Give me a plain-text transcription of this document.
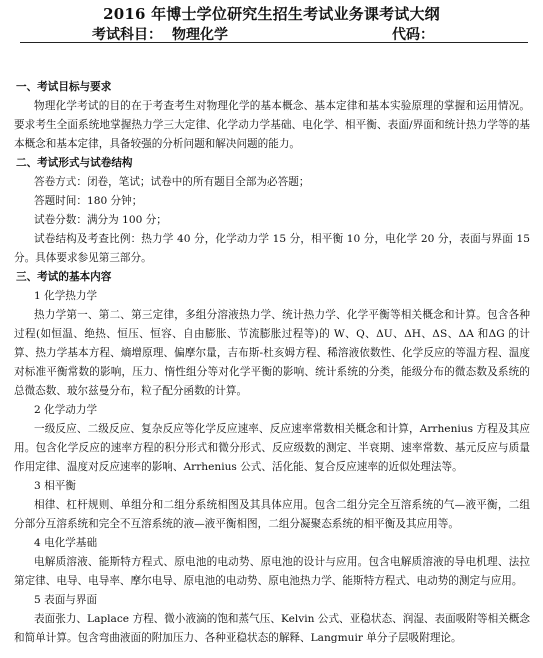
2016 年博士学位研究生招生考试业务课考试大纲
考试科目： 物理化学	代码：

一、考试目标与要求

物理化学考试的目的在于考查考生对物理化学的基本概念、基本定律和基本实验原理的掌握和运用情况。要求考生全面系统地掌握热力学三大定律、化学动力学基础、电化学、相平衡、表面/界面和统计热力学等的基本概念和基本定律，具备较强的分析问题和解决问题的能力。

二、考试形式与试卷结构

答卷方式：闭卷，笔试；试卷中的所有题目全部为必答题；

答题时间：180 分钟；

试卷分数：满分为 100 分；

试卷结构及考查比例：热力学 40 分，化学动力学 15 分，相平衡 10 分，电化学 20 分，表面与界面 15 分。具体要求参见第三部分。

三、考试的基本内容

1 化学热力学

热力学第一、第二、第三定律，多组分溶液热力学、统计热力学、化学平衡等相关概念和计算。包含各种过程(如恒温、绝热、恒压、恒容、自由膨胀、节流膨胀过程等)的 W、Q、ΔU、ΔH、ΔS、ΔA 和ΔG 的计算、热力学基本方程、熵增原理、偏摩尔量，吉布斯-杜亥姆方程、稀溶液依数性、化学反应的等温方程、温度对标准平衡常数的影响，压力、惰性组分等对化学平衡的影响、统计系统的分类，能级分布的微态数及系统的总微态数、玻尔兹曼分布，粒子配分函数的计算。

2 化学动力学

一级反应、二级反应、复杂反应等化学反应速率、反应速率常数相关概念和计算，Arrhenius 方程及其应用。包含化学反应的速率方程的积分形式和微分形式、反应级数的测定、半衰期、速率常数、基元反应与质量作用定律、温度对反应速率的影响、Arrhenius 公式、活化能、复合反应速率的近似处理法等。

3 相平衡

相律、杠杆规则、单组分和二组分系统相图及其具体应用。包含二组分完全互溶系统的气—液平衡，二组分部分互溶系统和完全不互溶系统的液—液平衡相图，二组分凝聚态系统的相平衡及其应用等。

4 电化学基础

电解质溶液、能斯特方程式、原电池的电动势、原电池的设计与应用。包含电解质溶液的导电机理、法拉第定律、电导、电导率、摩尔电导、原电池的电动势、原电池热力学、能斯特方程式、电动势的测定与应用。

5 表面与界面

表面张力、Laplace 方程、微小液滴的饱和蒸气压、Kelvin 公式、亚稳状态、润湿、表面吸附等相关概念和简单计算。包含弯曲液面的附加压力、各种亚稳状态的解释、Langmuir 单分子层吸附理论。
